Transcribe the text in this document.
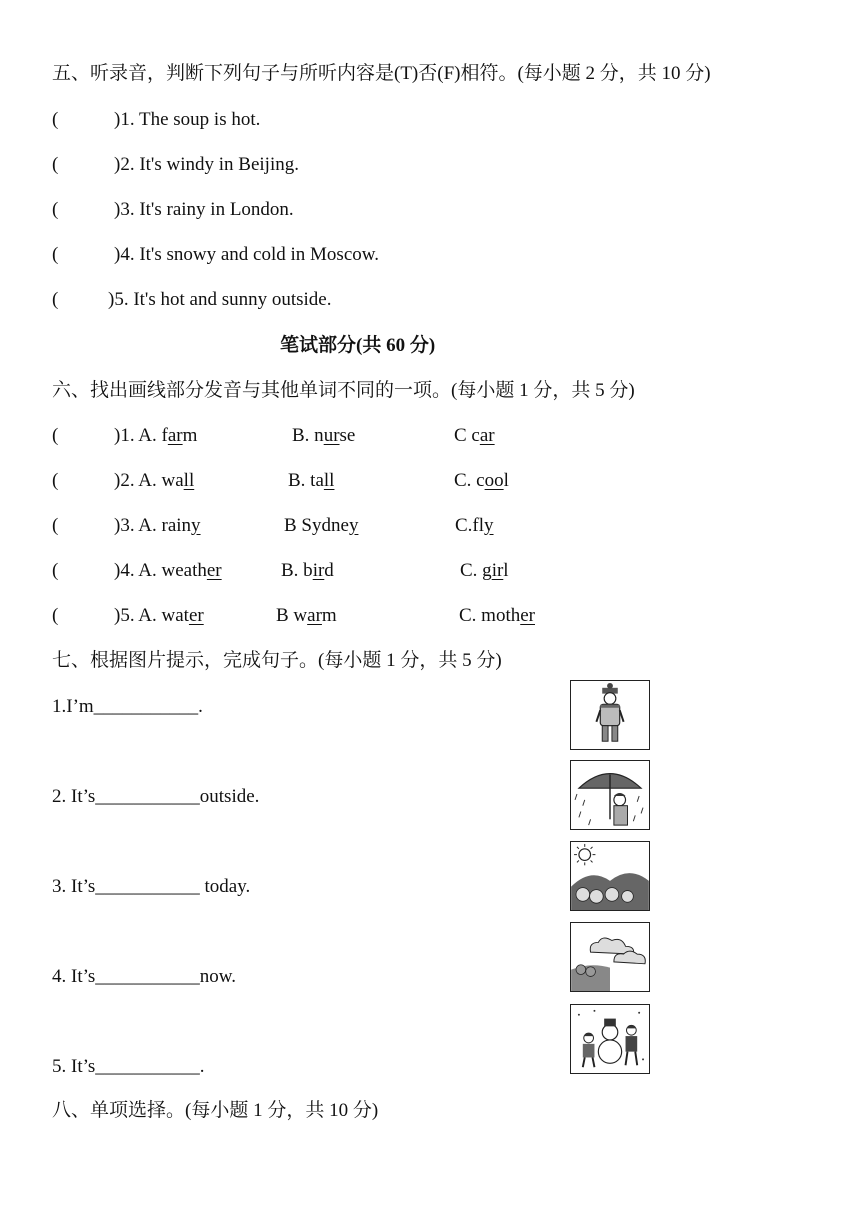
五、听录音，判断下列句子与所听内容是(T)否(F)相符。(每小题 2 分，共 10 分)
(	)1. The soup is hot.
(	)2. It's windy in Beijing.
(	)3. It's rainy in London.
(	)4. It's snowy and cold in Moscow.
(	)5. It's hot and sunny outside.
笔试部分(共 60 分)
六、找出画线部分发音与其他单词不同的一项。(每小题 1 分，共 5 分)
(	)1. A. farm	B. nurse	C car
(	)2. A. wall	B. tall	C. cool
(	)3. A. rainy	B Sydney	C.fly
(	)4. A. weather	B. bird	C. girl
(	)5. A. water	B warm	C. mother
七、根据图片提示，完成句子。(每小题 1 分，共 5 分)
1.I’m___________.
2. It’s___________outside.
3. It’s___________ today.
4. It’s___________now.
5. It’s___________.
八、单项选择。(每小题 1 分，共 10 分)
